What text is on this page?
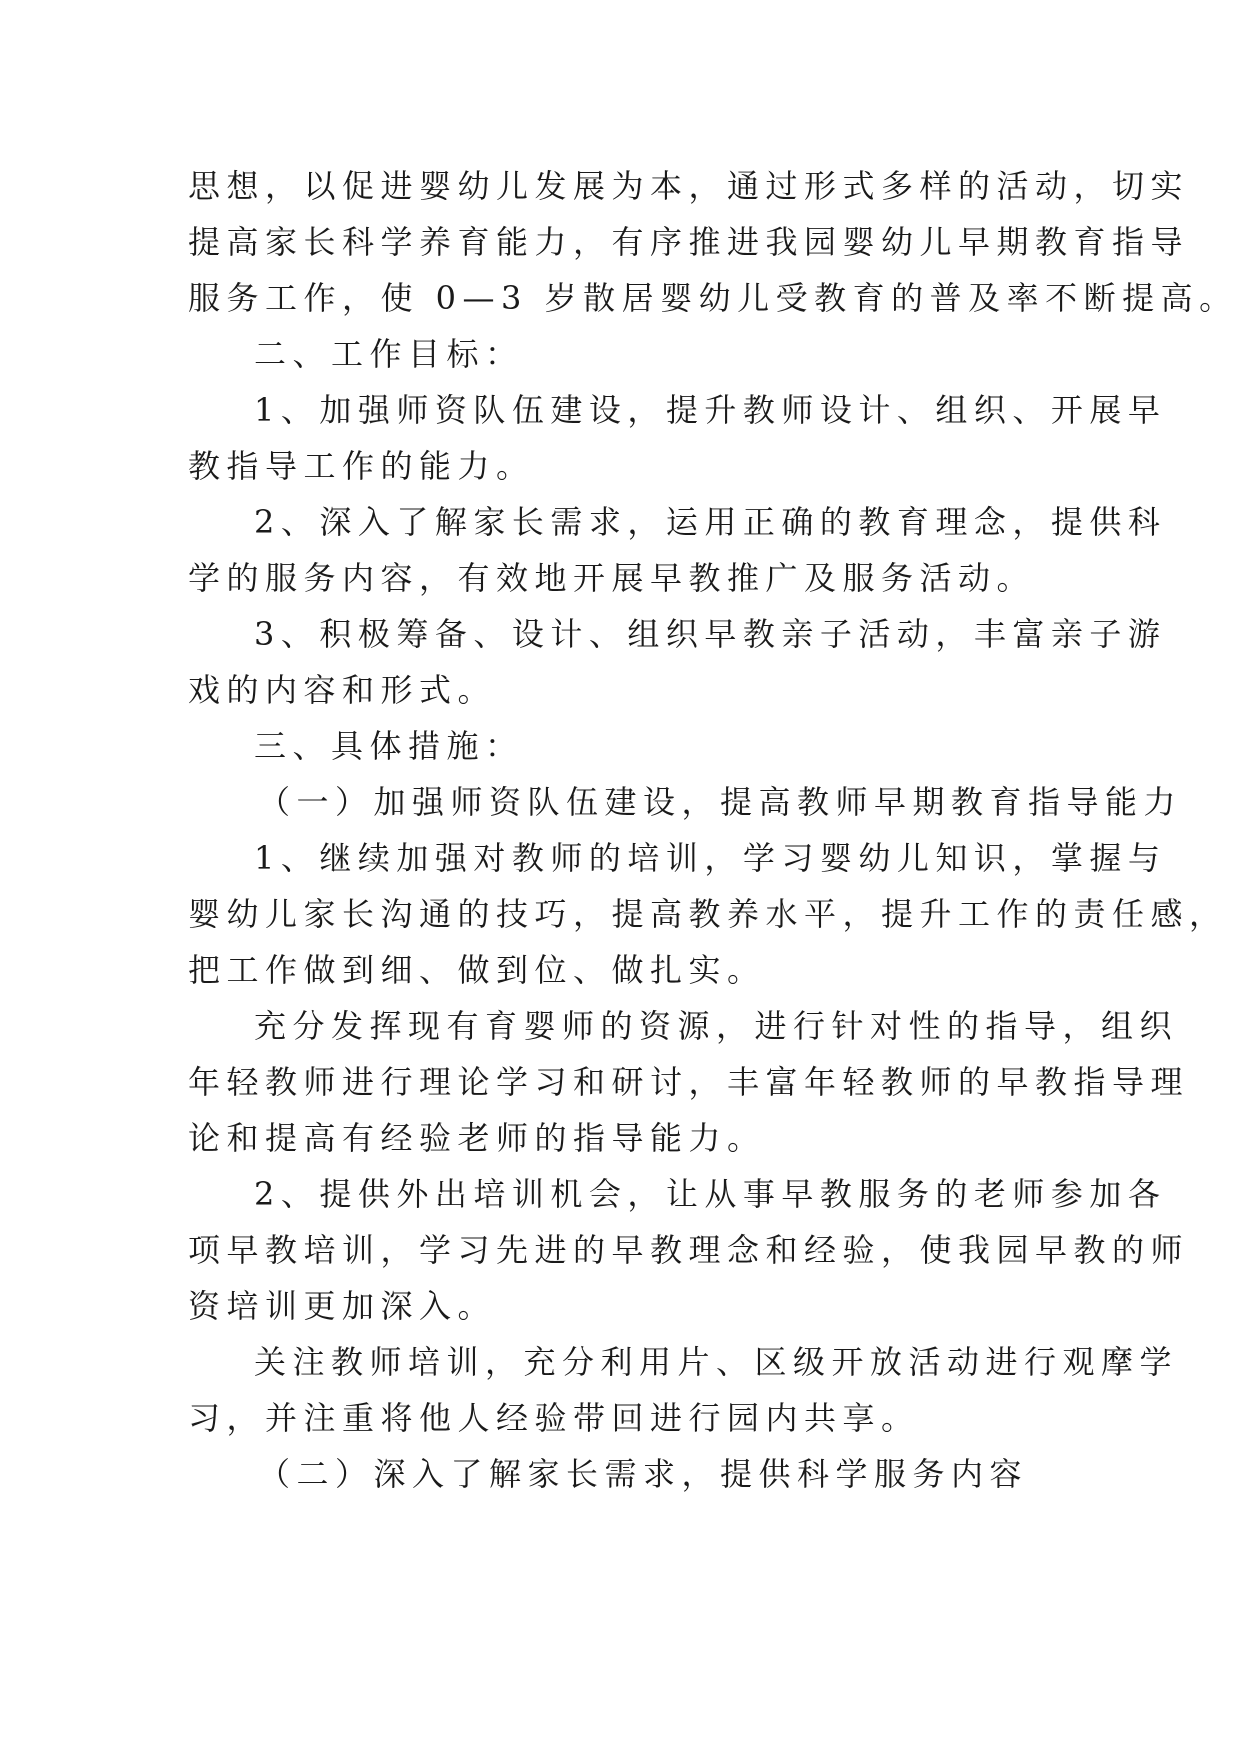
思想，以促进婴幼儿发展为本，通过形式多样的活动，切实
提高家长科学养育能力，有序推进我园婴幼儿早期教育指导
服务工作，使 0—3 岁散居婴幼儿受教育的普及率不断提高。
二、工作目标：
1、加强师资队伍建设，提升教师设计、组织、开展早
教指导工作的能力。
2、深入了解家长需求，运用正确的教育理念，提供科
学的服务内容，有效地开展早教推广及服务活动。
3、积极筹备、设计、组织早教亲子活动，丰富亲子游
戏的内容和形式。
三、具体措施：
（一）加强师资队伍建设，提高教师早期教育指导能力
1、继续加强对教师的培训，学习婴幼儿知识，掌握与
婴幼儿家长沟通的技巧，提高教养水平，提升工作的责任感，
把工作做到细、做到位、做扎实。
充分发挥现有育婴师的资源，进行针对性的指导，组织
年轻教师进行理论学习和研讨，丰富年轻教师的早教指导理
论和提高有经验老师的指导能力。
2、提供外出培训机会，让从事早教服务的老师参加各
项早教培训，学习先进的早教理念和经验，使我园早教的师
资培训更加深入。
关注教师培训，充分利用片、区级开放活动进行观摩学
习，并注重将他人经验带回进行园内共享。
（二）深入了解家长需求，提供科学服务内容
